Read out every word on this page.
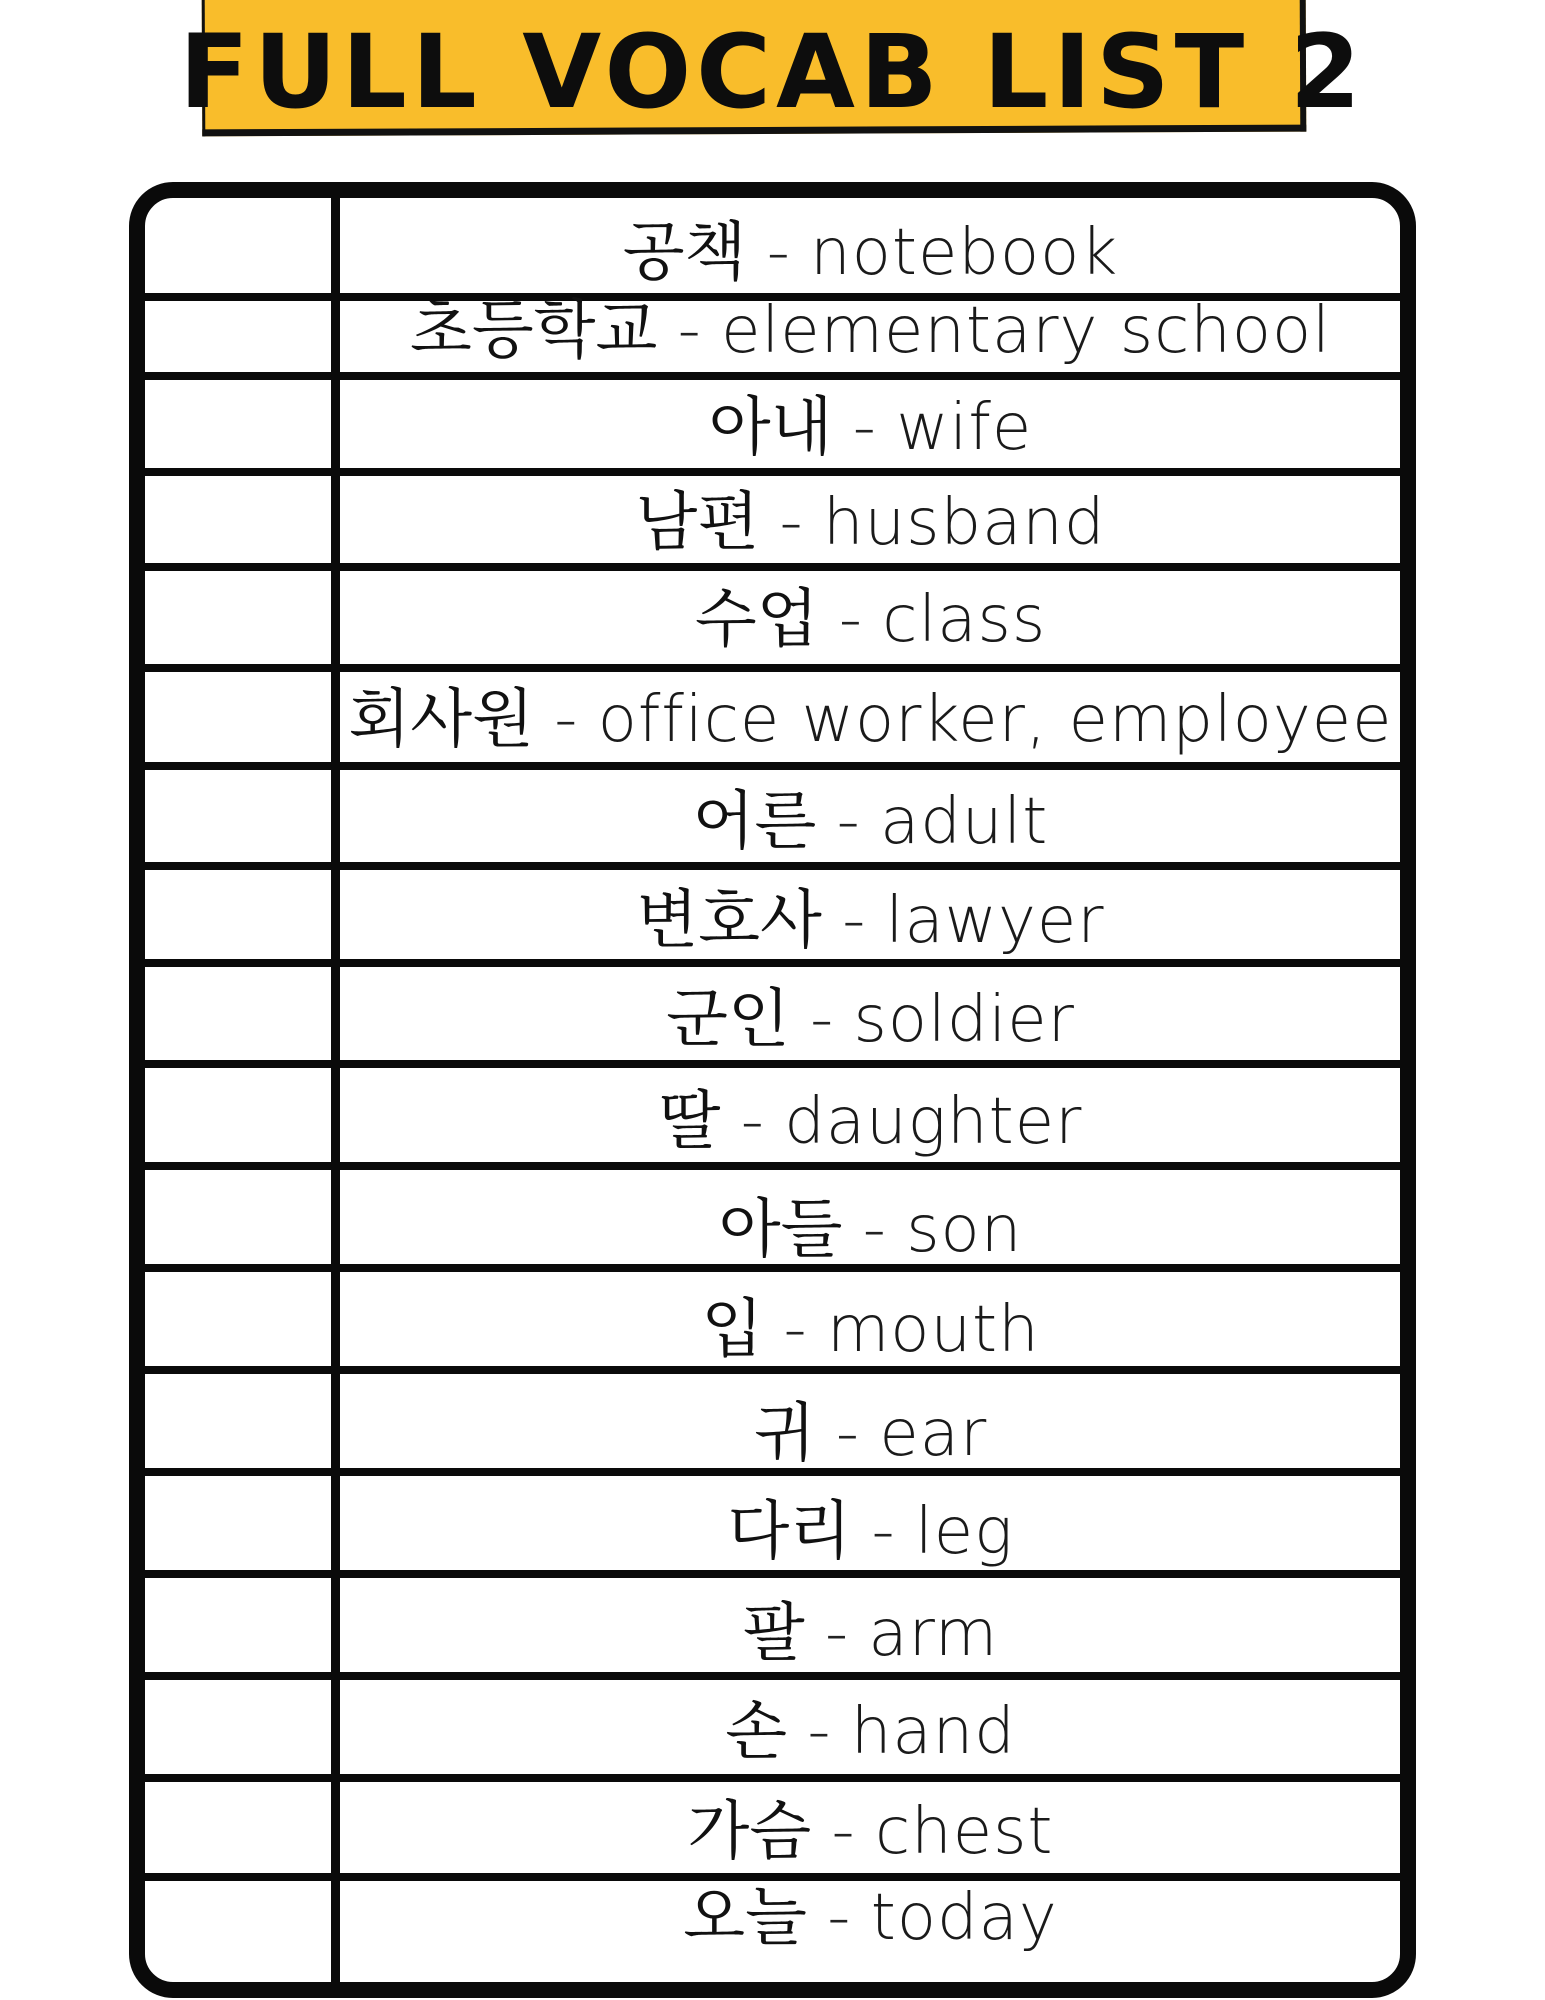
FULL VOCAB LIST 2
공책 - notebook
초등학교 - elementary school
아내 - wife
남편 - husband
수업 - class
회사원 - office worker, employee
어른 - adult
변호사 - lawyer
군인 - soldier
딸 - daughter
아들 - son
입 - mouth
귀 - ear
다리 - leg
팔 - arm
손 - hand
가슴 - chest
오늘 - today
